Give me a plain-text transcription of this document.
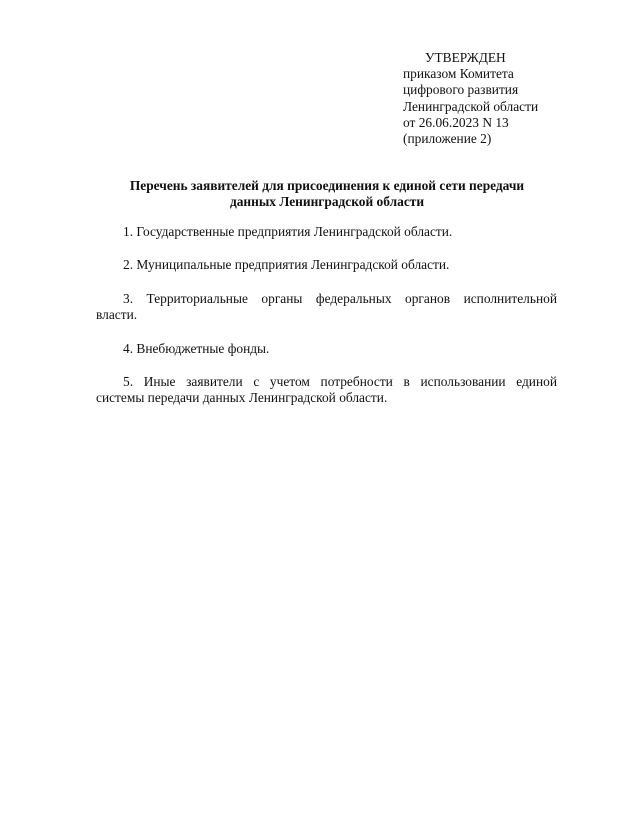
УТВЕРЖДЕН
приказом Комитета
цифрового развития
Ленинградской области
от 26.06.2023 N 13
(приложение 2)
Перечень заявителей для присоединения к единой сети передачи
данных Ленинградской области

1. Государственные предприятия Ленинградской области.

2. Муниципальные предприятия Ленинградской области.

3. Территориальные органы федеральных органов исполнительной
власти.

4. Внебюджетные фонды.

5. Иные заявители с учетом потребности в использовании единой
системы передачи данных Ленинградской области.
